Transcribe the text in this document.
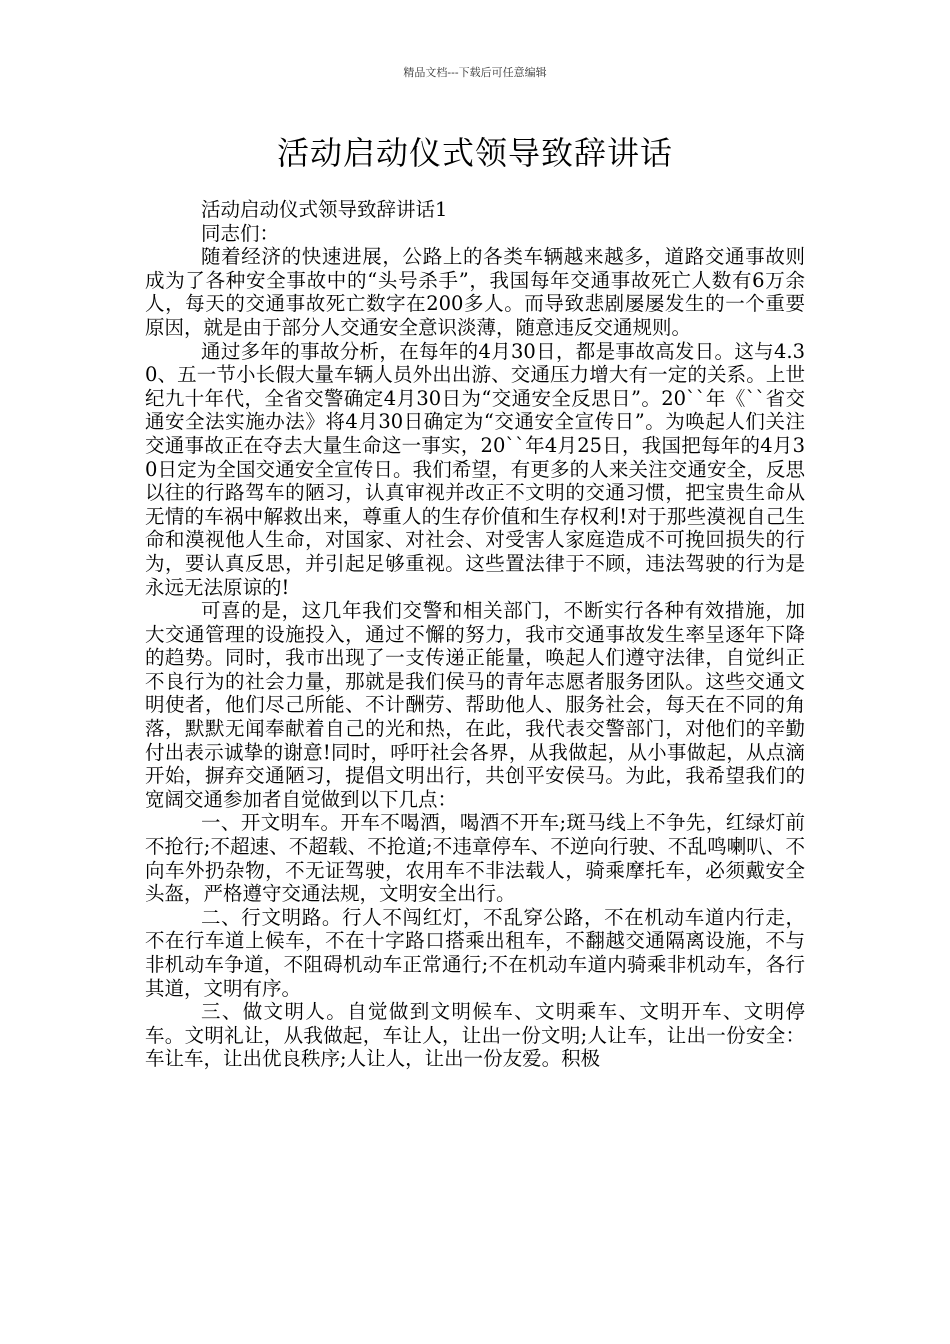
精品文档---下载后可任意编辑
活动启动仪式领导致辞讲话

活动启动仪式领导致辞讲话1

同志们：

随着经济的快速进展，公路上的各类车辆越来越多，道路交通事故则成为了各种安全事故中的“头号杀手”，我国每年交通事故死亡人数有6万余人，每天的交通事故死亡数字在200多人。而导致悲剧屡屡发生的一个重要原因，就是由于部分人交通安全意识淡薄，随意违反交通规则。

通过多年的事故分析，在每年的4月30日，都是事故高发日。这与4.30、五一节小长假大量车辆人员外出出游、交通压力增大有一定的关系。上世纪九十年代，全省交警确定4月30日为“交通安全反思日”。20``年《``省交通安全法实施办法》将4月30日确定为“交通安全宣传日”。为唤起人们关注交通事故正在夺去大量生命这一事实，20``年4月25日，我国把每年的4月30日定为全国交通安全宣传日。我们希望，有更多的人来关注交通安全，反思以往的行路驾车的陋习，认真审视并改正不文明的交通习惯，把宝贵生命从无情的车祸中解救出来，尊重人的生存价值和生存权利!对于那些漠视自己生命和漠视他人生命，对国家、对社会、对受害人家庭造成不可挽回损失的行为，要认真反思，并引起足够重视。这些置法律于不顾，违法驾驶的行为是永远无法原谅的!

可喜的是，这几年我们交警和相关部门，不断实行各种有效措施，加大交通管理的设施投入，通过不懈的努力，我市交通事故发生率呈逐年下降的趋势。同时，我市出现了一支传递正能量，唤起人们遵守法律，自觉纠正不良行为的社会力量，那就是我们侯马的青年志愿者服务团队。这些交通文明使者，他们尽己所能、不计酬劳、帮助他人、服务社会，每天在不同的角落，默默无闻奉献着自己的光和热，在此，我代表交警部门，对他们的辛勤付出表示诚挚的谢意!同时，呼吁社会各界，从我做起，从小事做起，从点滴开始，摒弃交通陋习，提倡文明出行，共创平安侯马。为此，我希望我们的宽阔交通参加者自觉做到以下几点：

一、开文明车。开车不喝酒，喝酒不开车;斑马线上不争先，红绿灯前不抢行;不超速、不超载、不抢道;不违章停车、不逆向行驶、不乱鸣喇叭、不向车外扔杂物，不无证驾驶，农用车不非法载人，骑乘摩托车，必须戴安全头盔，严格遵守交通法规，文明安全出行。

二、行文明路。行人不闯红灯，不乱穿公路，不在机动车道内行走，不在行车道上候车，不在十字路口搭乘出租车，不翻越交通隔离设施，不与非机动车争道，不阻碍机动车正常通行;不在机动车道内骑乘非机动车，各行其道，文明有序。

三、做文明人。自觉做到文明候车、文明乘车、文明开车、文明停车。文明礼让，从我做起，车让人，让出一份文明;人让车，让出一份安全：车让车，让出优良秩序;人让人，让出一份友爱。积极
